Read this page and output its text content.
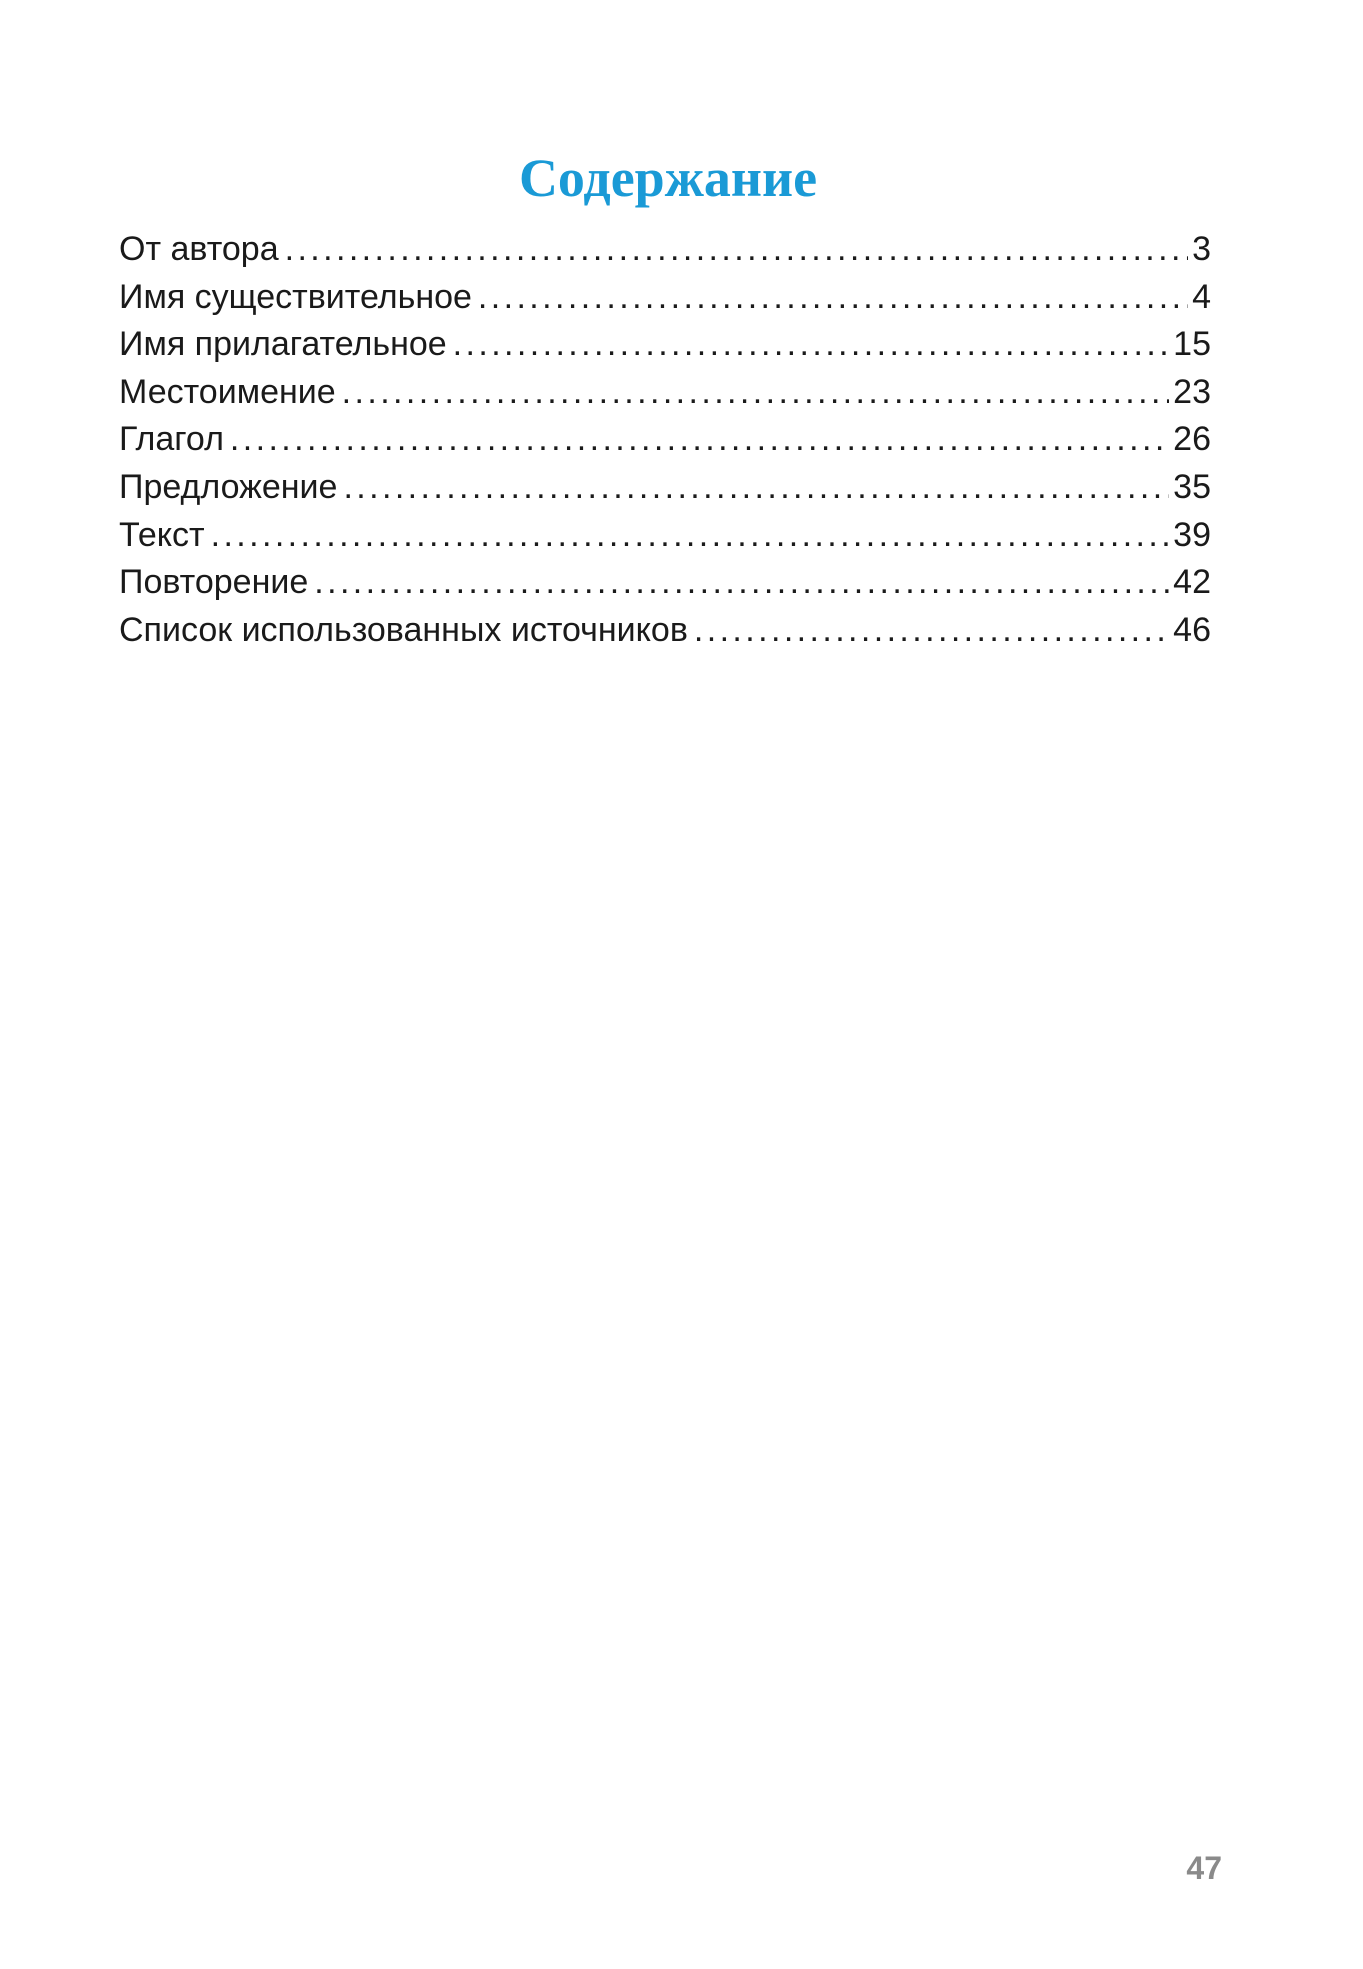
Содержание
От автора .....	3
Имя существительное .....	4
Имя прилагательное .....	15
Местоимение .....	23
Глагол .....	26
Предложение .....	35
Текст .....	39
Повторение .....	42
Список использованных источников .....	46
47
